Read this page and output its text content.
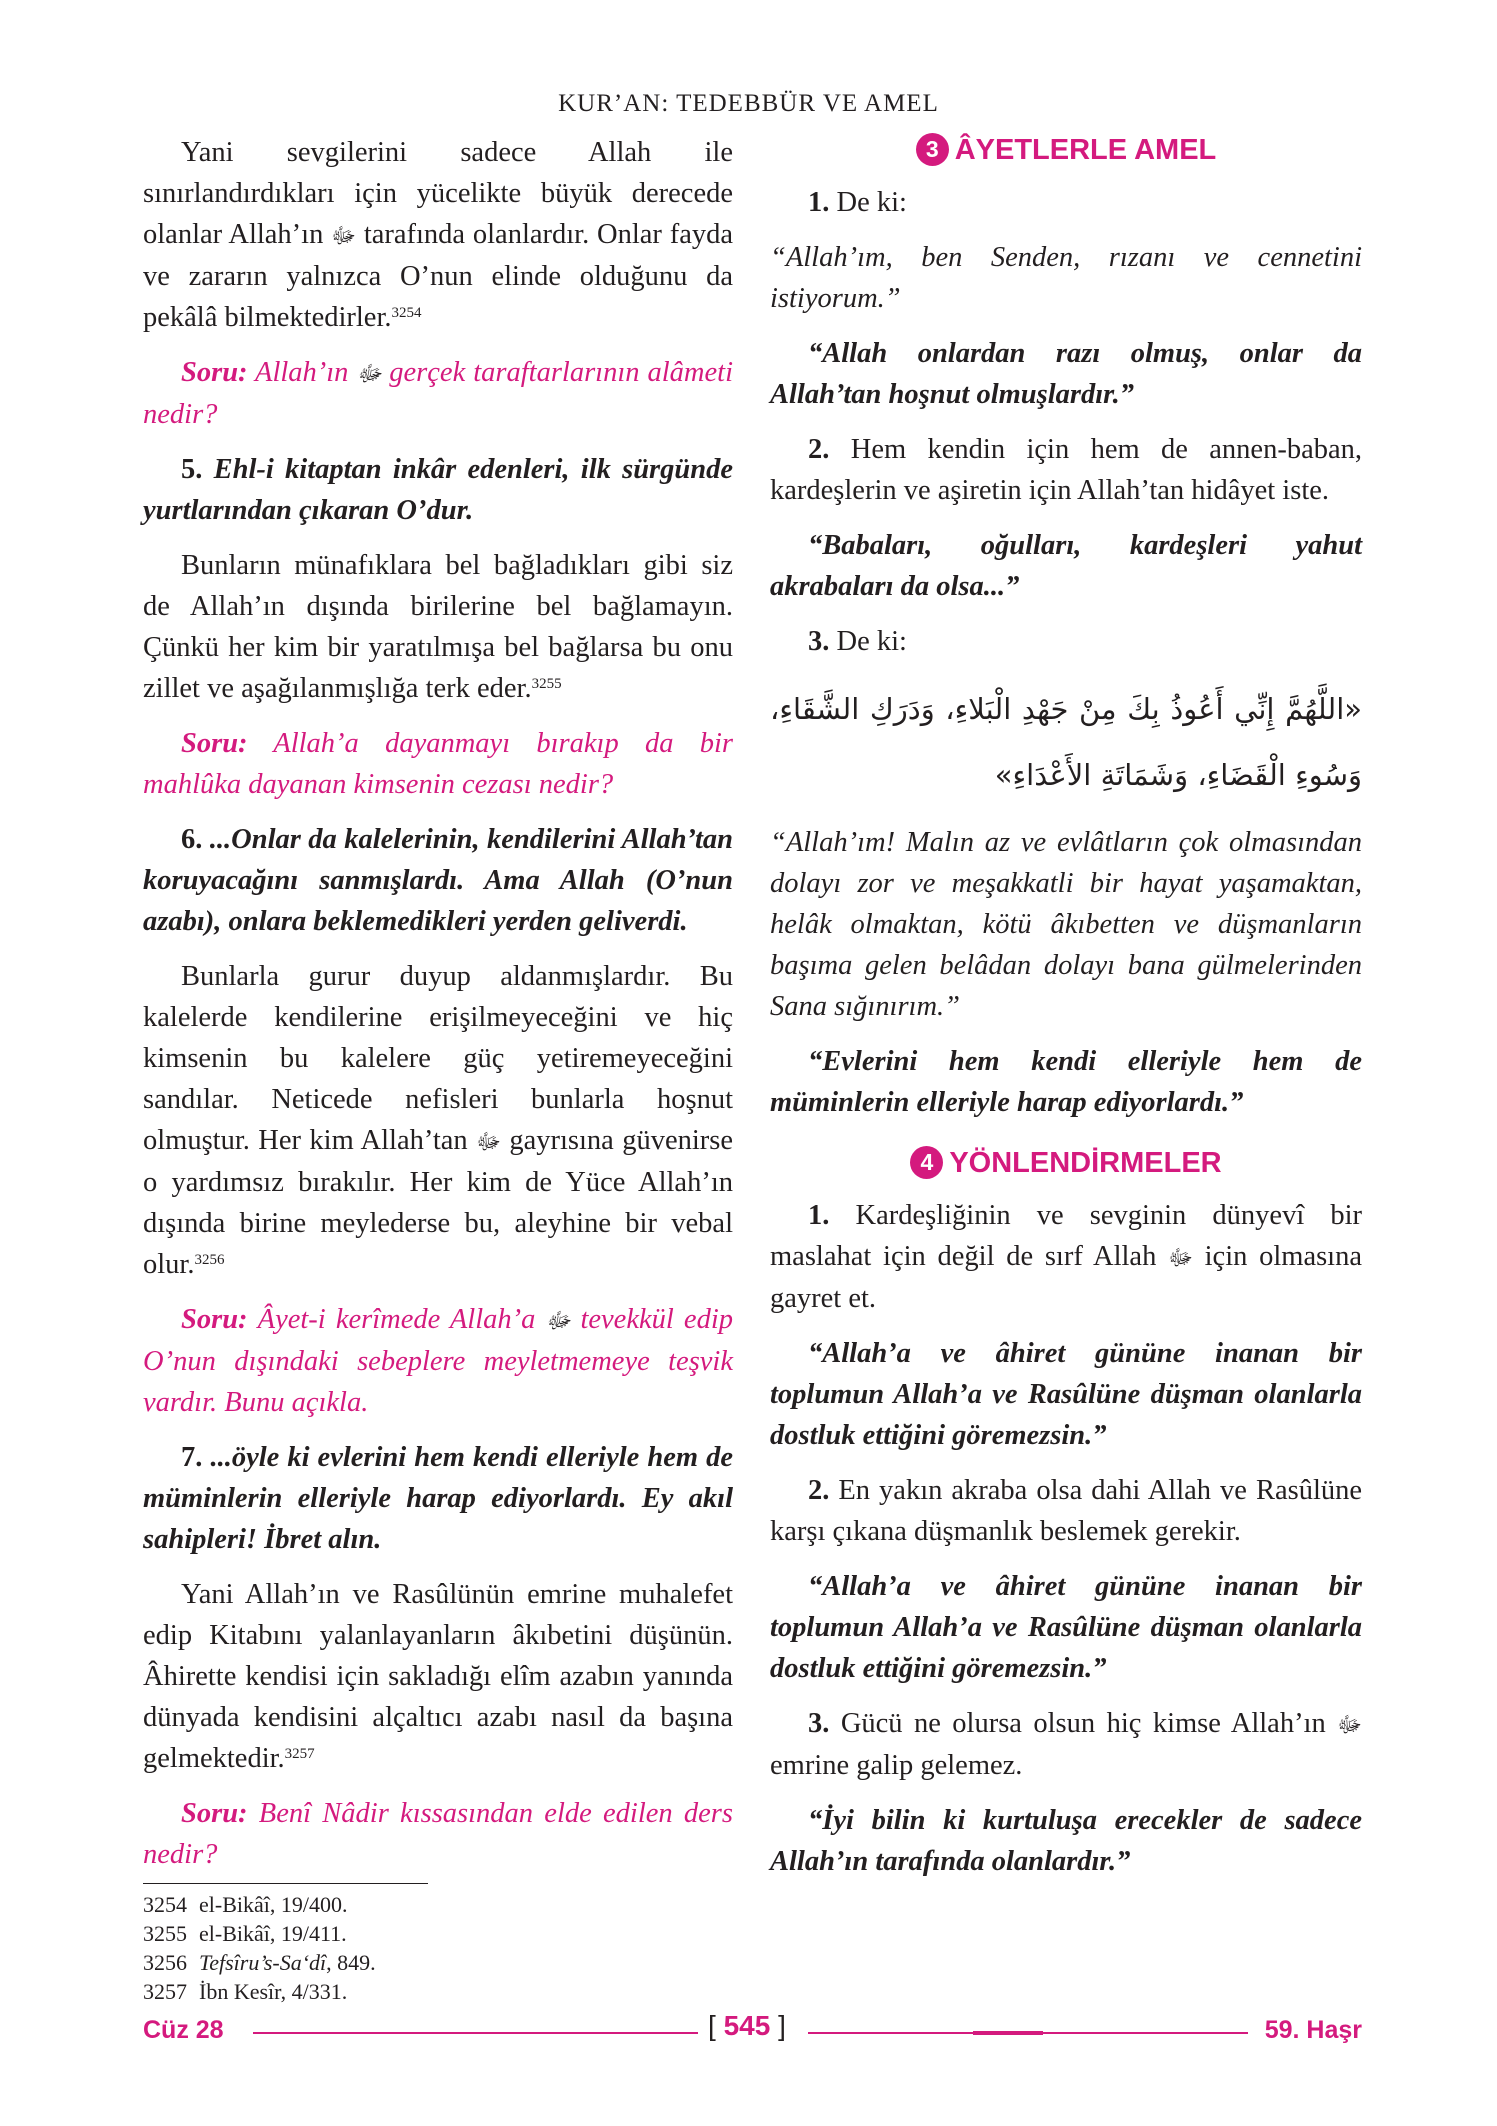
KUR’AN: TEDEBBÜR VE AMEL

Yani sevgilerini sadece Allah ile sınırlandırdıkları için yücelikte büyük derecede olanlar Allah’ın ﷻ tarafında olanlardır. Onlar fayda ve zararın yalnızca O’nun elinde olduğunu da pekâlâ bilmektedirler.$^{3254}$

Soru: Allah’ın ﷻ gerçek taraftarlarının alâmeti nedir?

5. Ehl-i kitaptan inkâr edenleri, ilk sürgünde yurtlarından çıkaran O’dur.

Bunların münafıklara bel bağladıkları gibi siz de Allah’ın dışında birilerine bel bağlamayın. Çünkü her kim bir yaratılmışa bel bağlarsa bu onu zillet ve aşağılanmışlığa terk eder.$^{3255}$

Soru: Allah’a dayanmayı bırakıp da bir mahlûka dayanan kimsenin cezası nedir?

6. ...Onlar da kalelerinin, kendilerini Allah’tan koruyacağını sanmışlardı. Ama Allah (O’nun azabı), onlara beklemedikleri yerden geliverdi.

Bunlarla gurur duyup aldanmışlardır. Bu kalelerde kendilerine erişilmeyeceğini ve hiç kimsenin bu kalelere güç yetiremeyeceğini sandılar. Neticede nefisleri bunlarla hoşnut olmuştur. Her kim Allah’tan ﷻ gayrısına güvenirse o yardımsız bırakılır. Her kim de Yüce Allah’ın dışında birine meylederse bu, aleyhine bir vebal olur.$^{3256}$

Soru: Âyet-i kerîmede Allah’a ﷻ tevekkül edip O’nun dışındaki sebeplere meyletmemeye teşvik vardır. Bunu açıkla.

7. ...öyle ki evlerini hem kendi elleriyle hem de müminlerin elleriyle harap ediyorlardı. Ey akıl sahipleri! İbret alın.

Yani Allah’ın ve Rasûlünün emrine muhalefet edip Kitabını yalanlayanların âkıbetini düşünün. Âhirette kendisi için sakladığı elîm azabın yanında dünyada kendisini alçaltıcı azabı nasıl da başına gelmektedir.$^{3257}$

Soru: Benî Nâdir kıssasından elde edilen ders nedir?

3 ÂYETLERLE AMEL

1. De ki:

“Allah’ım, ben Senden, rızanı ve cennetini istiyorum.”

“Allah onlardan razı olmuş, onlar da Allah’tan hoşnut olmuşlardır.”

2. Hem kendin için hem de annen-baban, kardeşlerin ve aşiretin için Allah’tan hidâyet iste.

“Babaları, oğulları, kardeşleri yahut akrabaları da olsa...”

3. De ki:

«اللَّهُمَّ إِنِّي أَعُوذُ بِكَ مِنْ جَهْدِ الْبَلاءِ، وَدَرَكِ الشَّقَاءِ، وَسُوءِ الْقَضَاءِ، وَشَمَاتَةِ الأَعْدَاءِ»

“Allah’ım! Malın az ve evlâtların çok olmasından dolayı zor ve meşakkatli bir hayat yaşamaktan, helâk olmaktan, kötü âkıbetten ve düşmanların başıma gelen belâdan dolayı bana gülmelerinden Sana sığınırım.”

“Evlerini hem kendi elleriyle hem de müminlerin elleriyle harap ediyorlardı.”

4 YÖNLENDİRMELER

1. Kardeşliğinin ve sevginin dünyevî bir maslahat için değil de sırf Allah ﷻ için olmasına gayret et.

“Allah’a ve âhiret gününe inanan bir toplumun Allah’a ve Rasûlüne düşman olanlarla dostluk ettiğini göremezsin.”

2. En yakın akraba olsa dahi Allah ve Rasûlüne karşı çıkana düşmanlık beslemek gerekir.

“Allah’a ve âhiret gününe inanan bir toplumun Allah’a ve Rasûlüne düşman olanlarla dostluk ettiğini göremezsin.”

3. Gücü ne olursa olsun hiç kimse Allah’ın ﷻ emrine galip gelemez.

“İyi bilin ki kurtuluşa erecekler de sadece Allah’ın tarafında olanlardır.”

3254 el-Bikâî, 19/400.
3255 el-Bikâî, 19/411.
3256 Tefsîru’s-Sa‘dî, 849.
3257 İbn Kesîr, 4/331.
Cüz 28	[ 545 ]	59. Haşr
